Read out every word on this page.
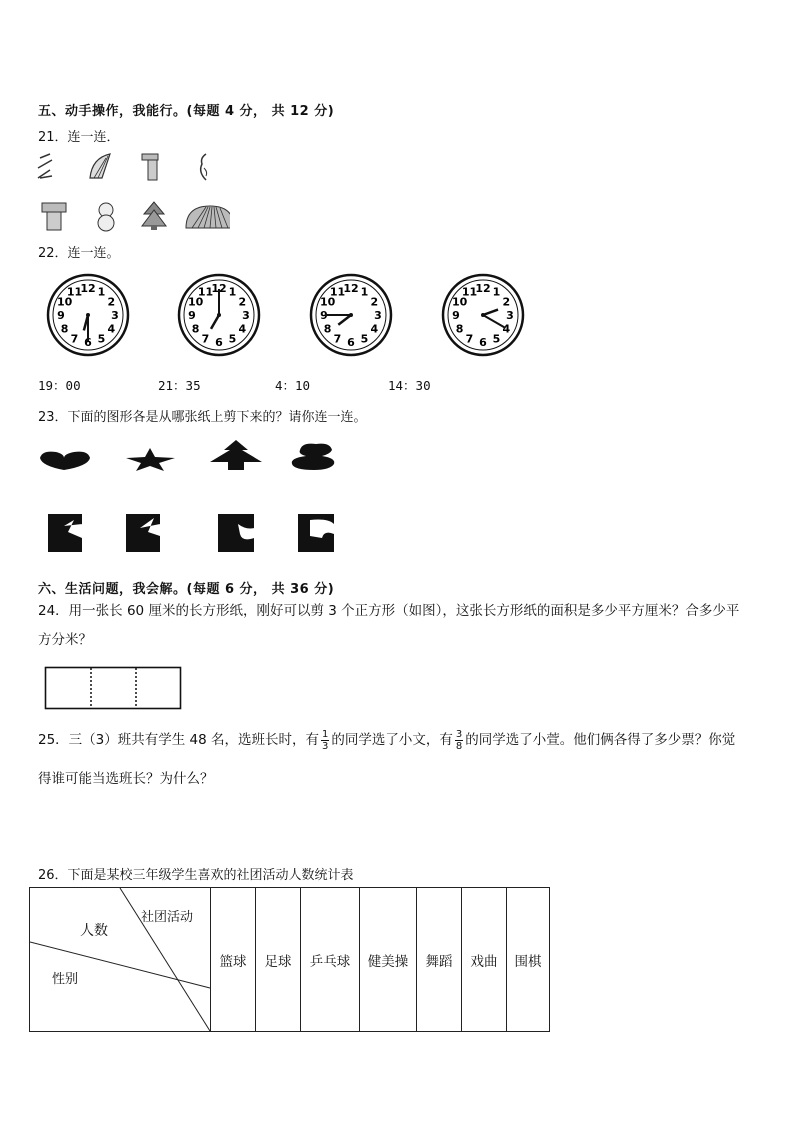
五、动手操作，我能行。(每题 4 分， 共 12 分)
21．连一连．
22．连一连。
1
2
3
4
5
6
7
8
9
10
11
12	1
2
3
4
5
6
7
8
9
10
11
12	1
2
3
4
5
6
7
8
9
10
11
12	1
2
3
4
5
6
7
8
9
10
11
12
19：00	21：35	4：10	14：30
23．下面的图形各是从哪张纸上剪下来的？请你连一连。
六、生活问题，我会解。(每题 6 分， 共 36 分)
24．用一张长 60 厘米的长方形纸，刚好可以剪 3 个正方形（如图），这张长方形纸的面积是多少平方厘米？合多少平
方分米？
25．三（3）班共有学生 48 名，选班长时，有 $\frac{1}{3}$ 的同学选了小文，有 $\frac{3}{8}$ 的同学选了小萱。他们俩各得了多少票？你觉
得谁可能当选班长？为什么？
26．下面是某校三年级学生喜欢的社团活动人数统计表
社团活动
人数
性别
	篮球	足球	乒乓球	健美操	舞蹈	戏曲	围棋
